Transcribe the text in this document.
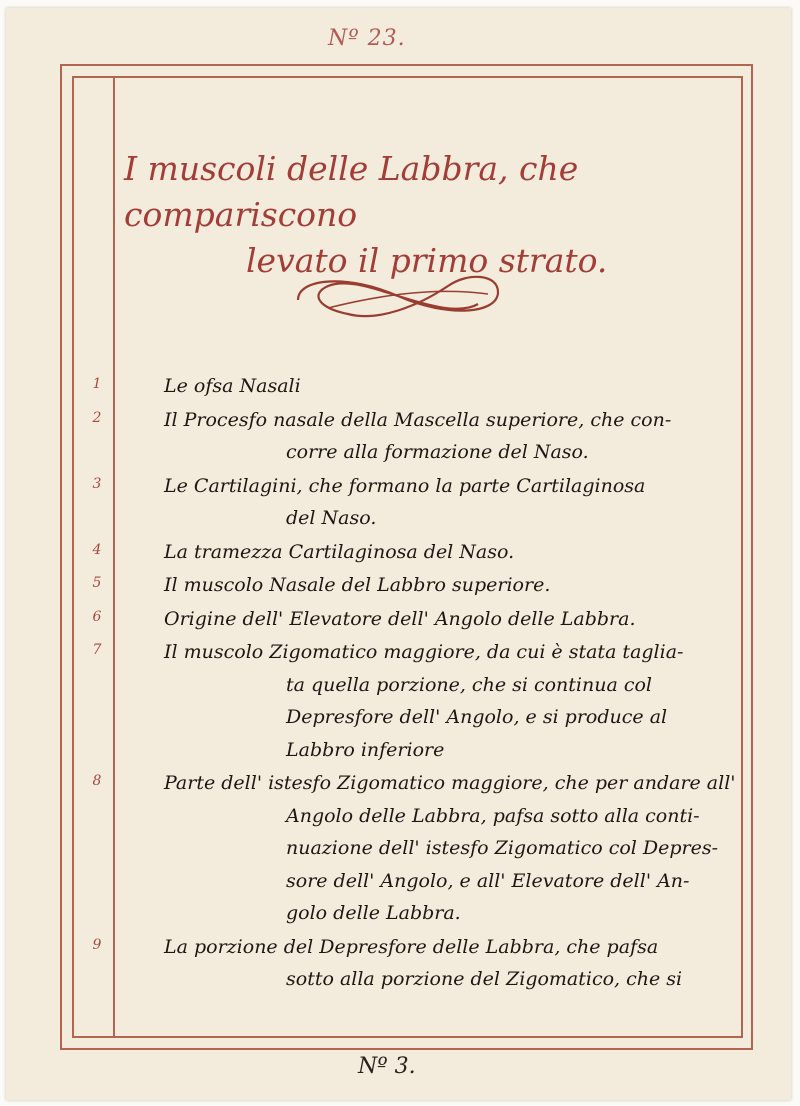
Nº 23.
I muscoli delle Labbra, che compariscono
levato il primo strato.
1	Le ofsa Nasali
2	Il Procesfo nasale della Mascella superiore, che con-
corre alla formazione del Naso.
3	Le Cartilagini, che formano la parte Cartilaginosa
del Naso.
4	La tramezza Cartilaginosa del Naso.
5	Il muscolo Nasale del Labbro superiore.
6	Origine dell' Elevatore dell' Angolo delle Labbra.
7	Il muscolo Zigomatico maggiore, da cui è stata taglia-
ta quella porzione, che si continua col
Depresfore dell' Angolo, e si produce al
Labbro inferiore
8	Parte dell' istesfo Zigomatico maggiore, che per andare all'
Angolo delle Labbra, pafsa sotto alla conti-
nuazione dell' istesfo Zigomatico col Depres-
sore dell' Angolo, e all' Elevatore dell' An-
golo delle Labbra.
9	La porzione del Depresfore delle Labbra, che pafsa
sotto alla porzione del Zigomatico, che si
Nº 3.
